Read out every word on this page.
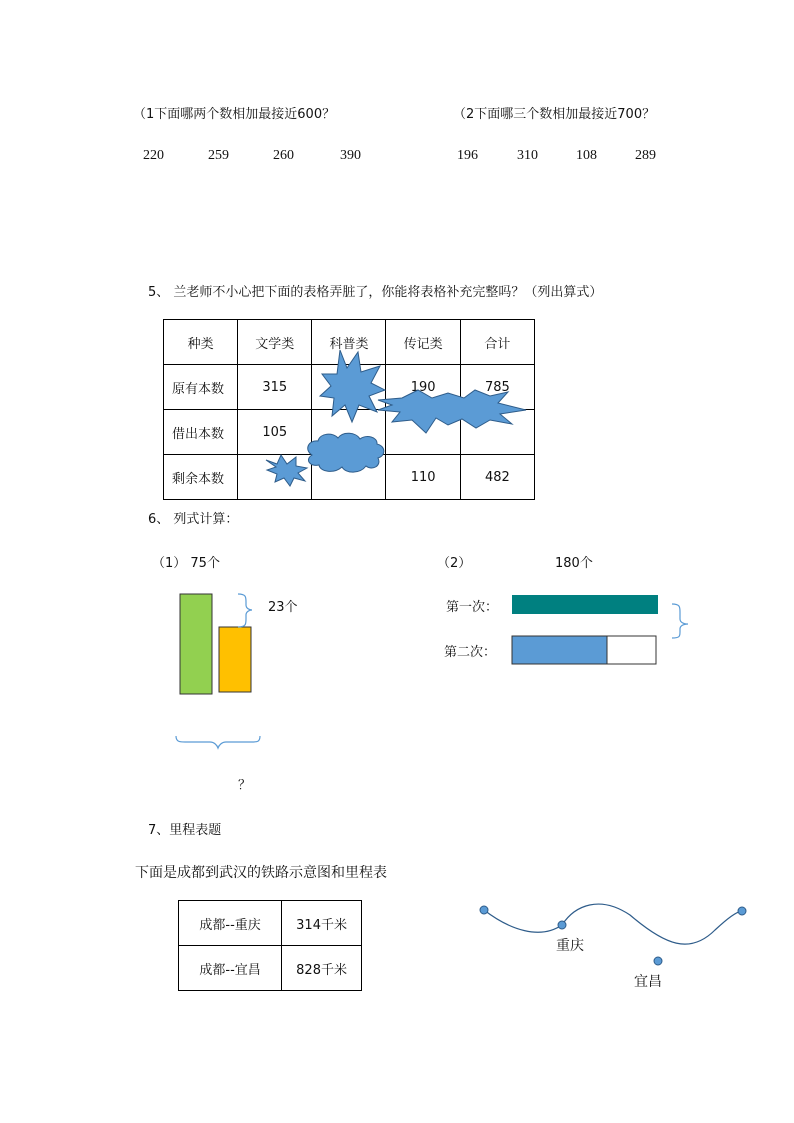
（1下面哪两个数相加最接近600？
220	259	260	390
（2下面哪三个数相加最接近700？
196	310	108	289
5、 兰老师不小心把下面的表格弄脏了，你能将表格补充完整吗？（列出算式）
种类	文学类	科普类	传记类	合计
原有本数	315		190	785
借出本数	105			
剩余本数			110	482
6、 列式计算：
（1） 75个
23个
？
（2）	180个
第一次：
第二次：
7、里程表题
下面是成都到武汉的铁路示意图和里程表
成都--重庆	314千米
成都--宜昌	828千米
重庆
宜昌
